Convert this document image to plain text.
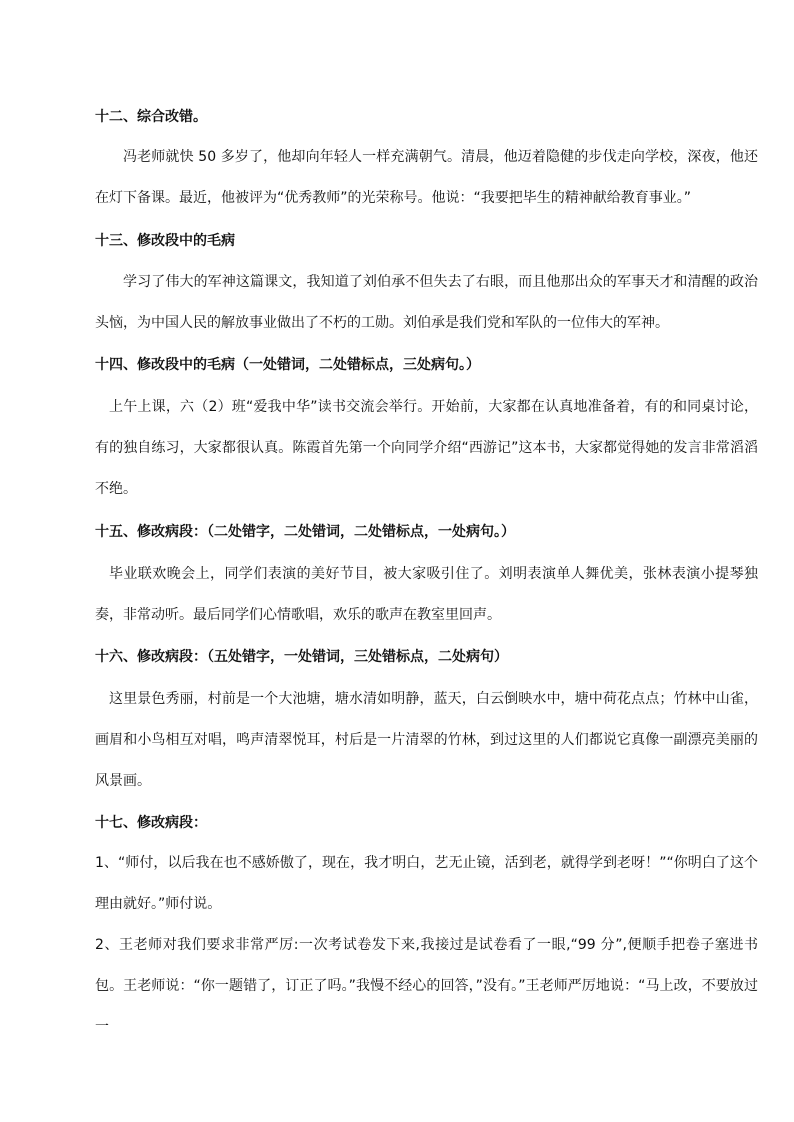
十二、综合改错。
冯老师就快 50 多岁了，他却向年轻人一样充满朝气。清晨，他迈着隐健的步伐走向学校，深夜，他还在灯下备课。最近，他被评为“优秀教师”的光荣称号。他说：“我要把毕生的精神献给教育事业。”
十三、修改段中的毛病
学习了伟大的军神这篇课文，我知道了刘伯承不但失去了右眼，而且他那出众的军事天才和清醒的政治头恼，为中国人民的解放事业做出了不朽的工勋。刘伯承是我们党和军队的一位伟大的军神。
十四、修改段中的毛病（一处错词，二处错标点，三处病句。）
上午上课，六（2）班“爱我中华”读书交流会举行。开始前，大家都在认真地准备着，有的和同桌讨论，有的独自练习，大家都很认真。陈霞首先第一个向同学介绍“西游记”这本书，大家都觉得她的发言非常滔滔不绝。
十五、修改病段：（二处错字，二处错词，二处错标点，一处病句。）
毕业联欢晚会上，同学们表演的美好节目，被大家吸引住了。刘明表演单人舞优美，张林表演小提琴独奏，非常动听。最后同学们心情歌唱，欢乐的歌声在教室里回声。
十六、修改病段：（五处错字，一处错词，三处错标点，二处病句）
这里景色秀丽，村前是一个大池塘，塘水清如明静，蓝天，白云倒映水中，塘中荷花点点；竹林中山雀，画眉和小鸟相互对唱，鸣声清翠悦耳，村后是一片清翠的竹林，到过这里的人们都说它真像一副漂亮美丽的风景画。
十七、修改病段：
1、“师付，以后我在也不感娇傲了，现在，我才明白，艺无止镜，活到老，就得学到老呀！”“你明白了这个理由就好。”师付说。
2、王老师对我们要求非常严厉:一次考试卷发下来,我接过是试卷看了一眼,“99 分”,便顺手把卷子塞进书包。王老师说：“你一题错了，订正了吗。”我慢不经心的回答，”没有。”王老师严厉地说：“马上改，不要放过一
